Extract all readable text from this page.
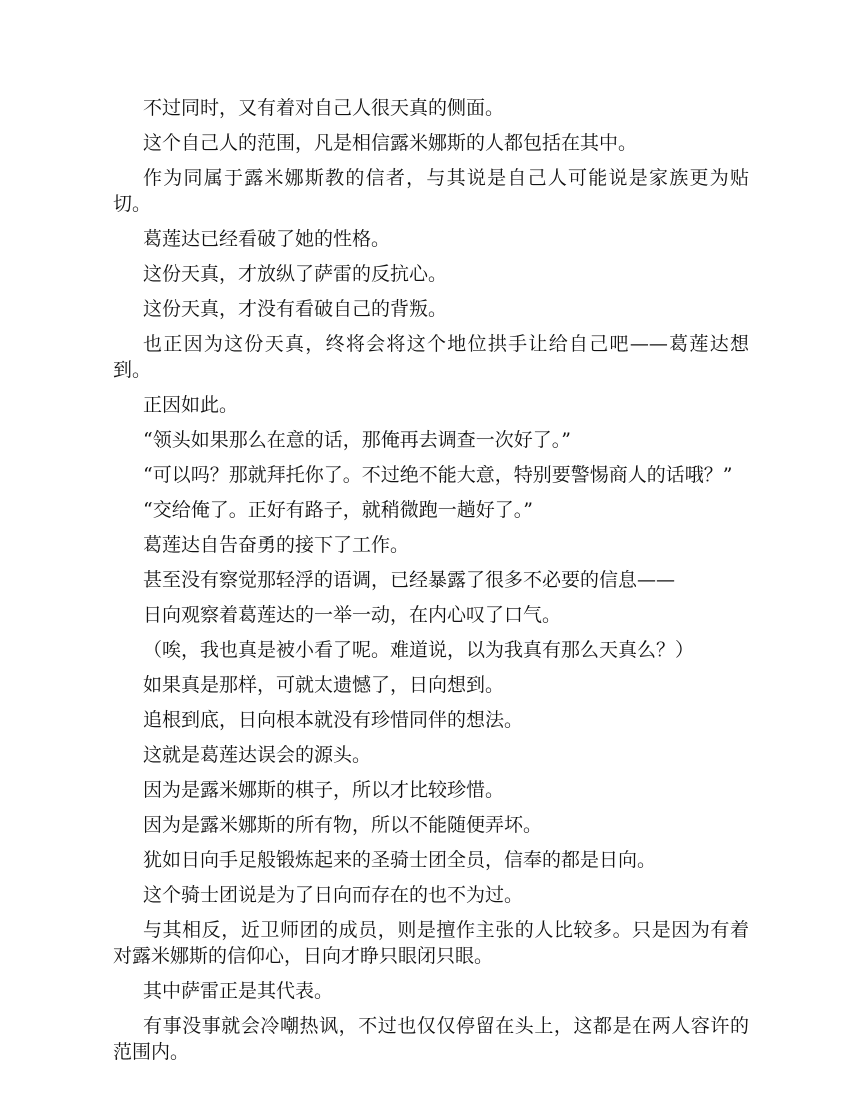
不过同时，又有着对自己人很天真的侧面。

这个自己人的范围，凡是相信露米娜斯的人都包括在其中。

作为同属于露米娜斯教的信者，与其说是自己人可能说是家族更为贴切。

葛莲达已经看破了她的性格。

这份天真，才放纵了萨雷的反抗心。

这份天真，才没有看破自己的背叛。

也正因为这份天真，终将会将这个地位拱手让给自己吧——葛莲达想到。

正因如此。

“领头如果那么在意的话，那俺再去调查一次好了。”

“可以吗？那就拜托你了。不过绝不能大意，特别要警惕商人的话哦？”

“交给俺了。正好有路子，就稍微跑一趟好了。”

葛莲达自告奋勇的接下了工作。

甚至没有察觉那轻浮的语调，已经暴露了很多不必要的信息——

日向观察着葛莲达的一举一动，在内心叹了口气。

（唉，我也真是被小看了呢。难道说，以为我真有那么天真么？）

如果真是那样，可就太遗憾了，日向想到。

追根到底，日向根本就没有珍惜同伴的想法。

这就是葛莲达误会的源头。

因为是露米娜斯的棋子，所以才比较珍惜。

因为是露米娜斯的所有物，所以不能随便弄坏。

犹如日向手足般锻炼起来的圣骑士团全员，信奉的都是日向。

这个骑士团说是为了日向而存在的也不为过。

与其相反，近卫师团的成员，则是擅作主张的人比较多。只是因为有着对露米娜斯的信仰心，日向才睁只眼闭只眼。

其中萨雷正是其代表。

有事没事就会冷嘲热讽，不过也仅仅停留在头上，这都是在两人容许的范围内。
